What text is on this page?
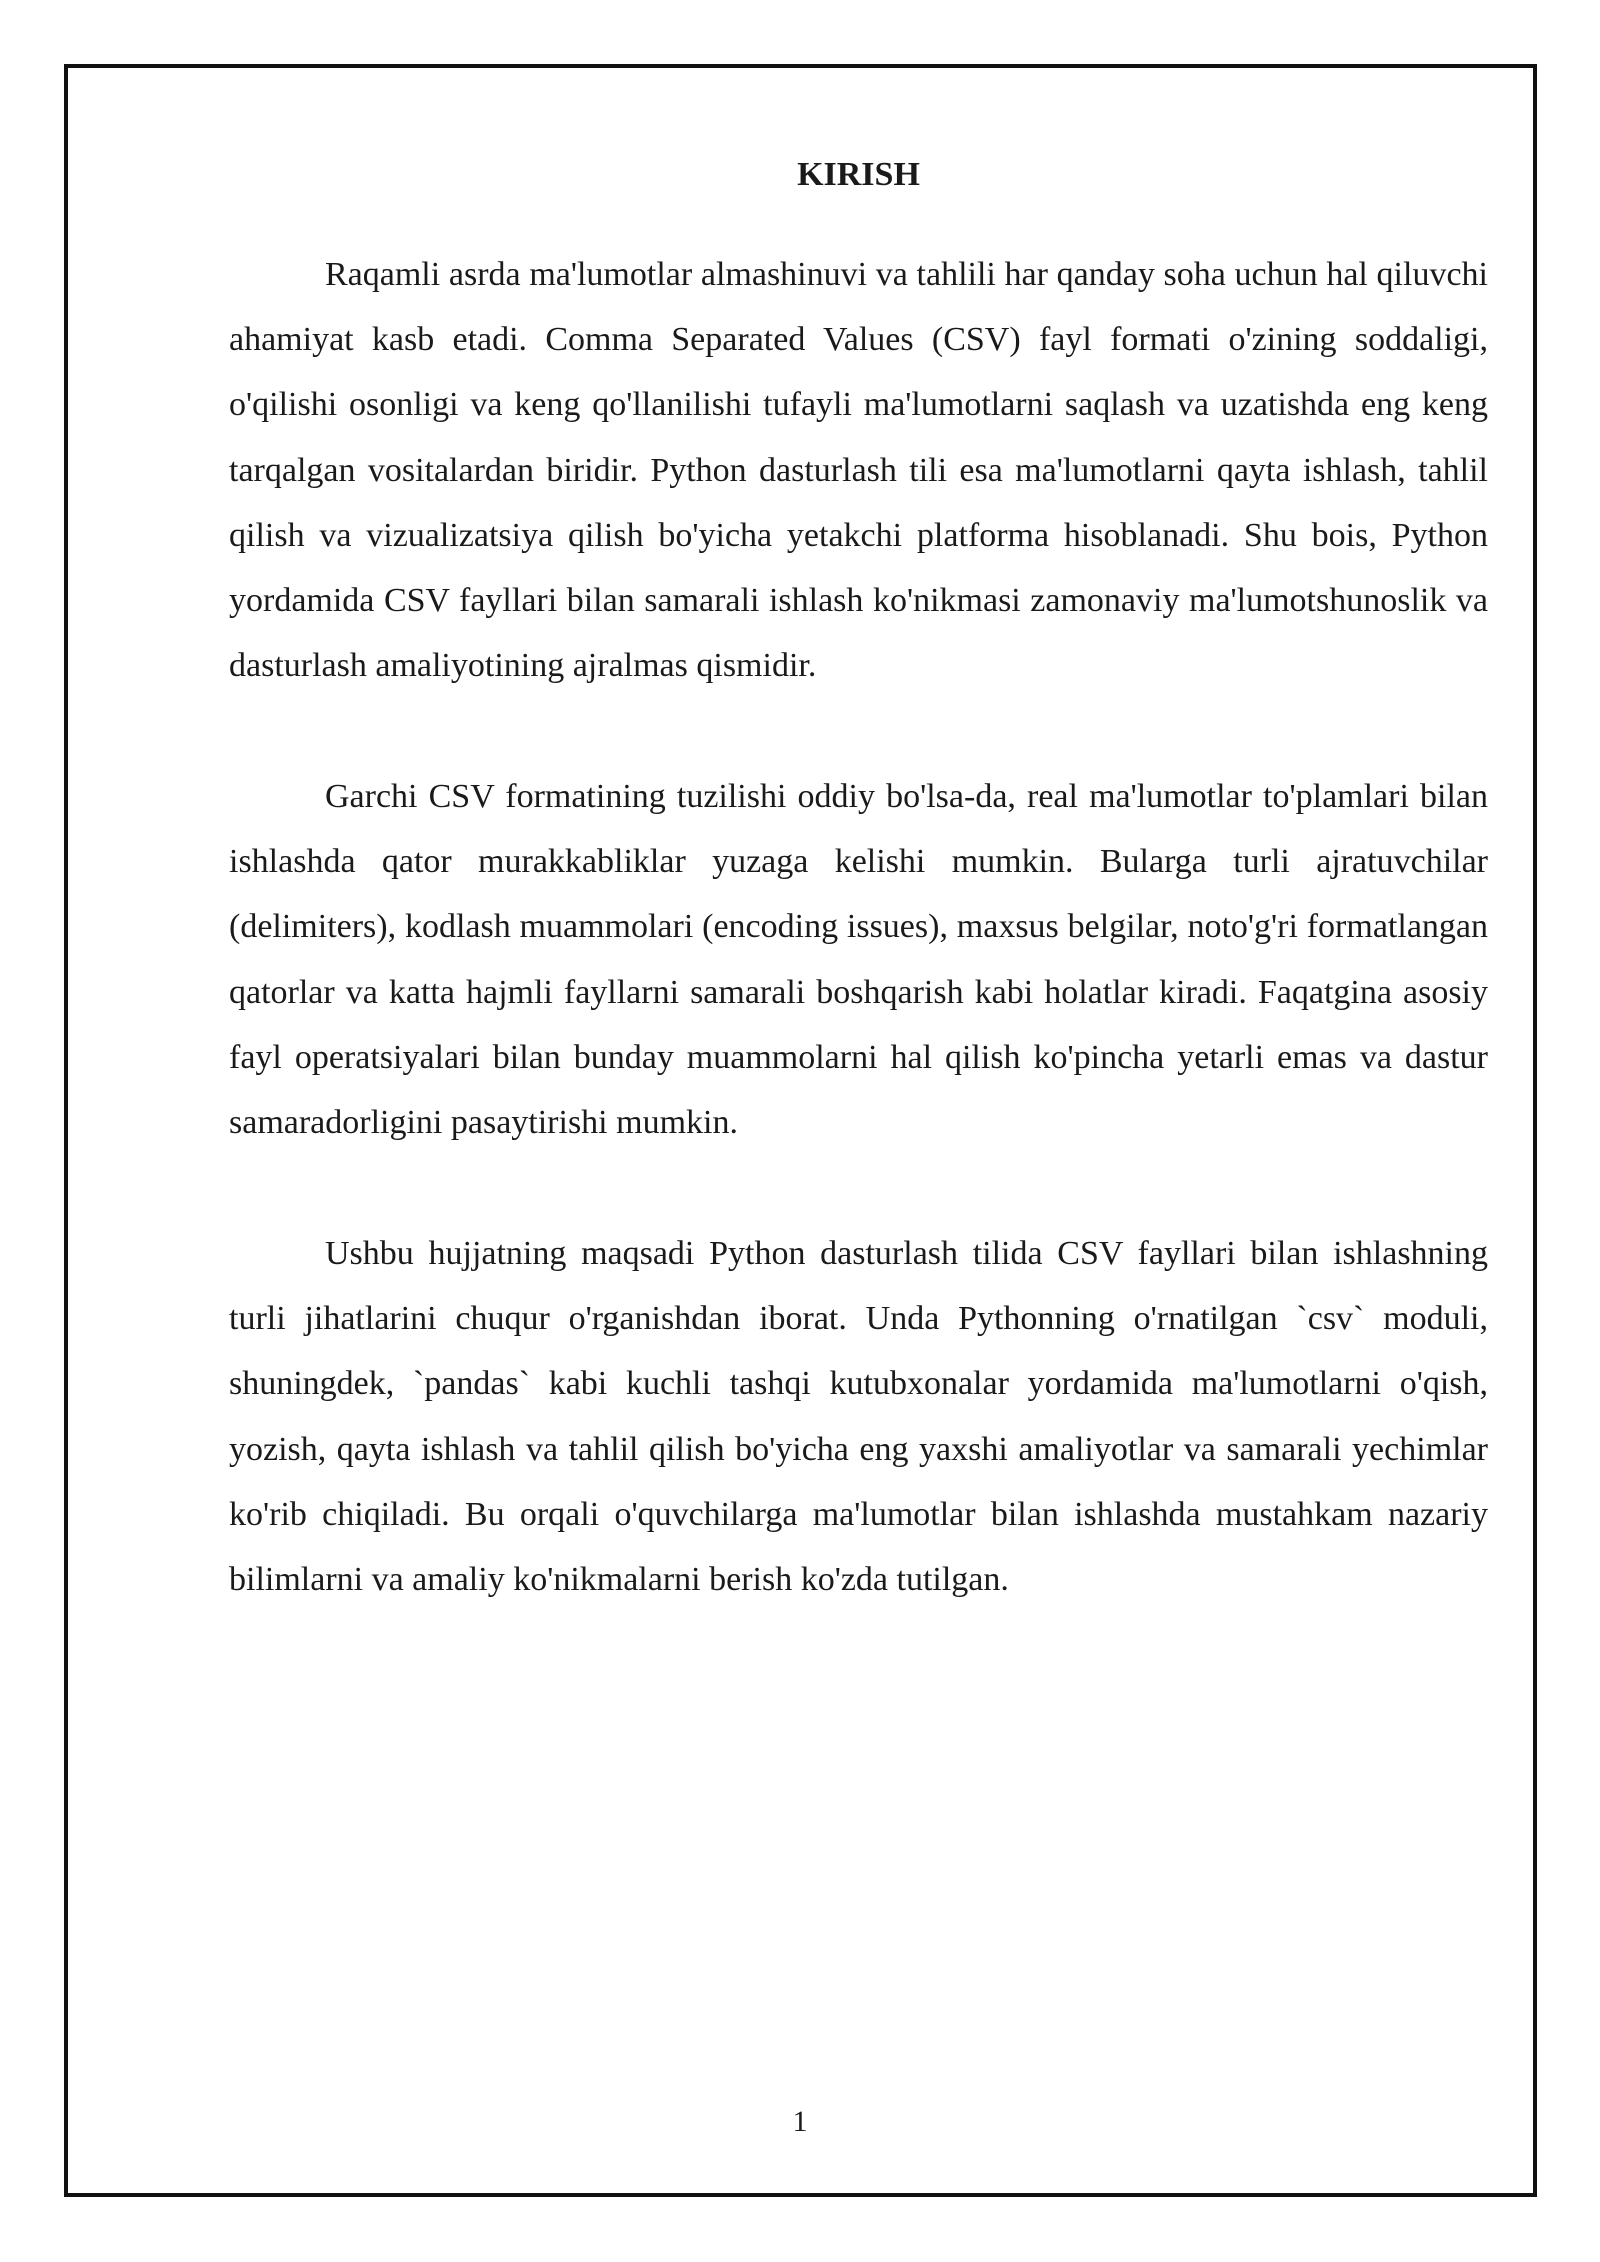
KIRISH

Raqamli asrda ma'lumotlar almashinuvi va tahlili har qanday soha uchun hal qiluvchi ahamiyat kasb etadi. Comma Separated Values (CSV) fayl formati o'zining soddaligi, o'qilishi osonligi va keng qo'llanilishi tufayli ma'lumotlarni saqlash va uzatishda eng keng tarqalgan vositalardan biridir. Python dasturlash tili esa ma'lumotlarni qayta ishlash, tahlil qilish va vizualizatsiya qilish bo'yicha yetakchi platforma hisoblanadi. Shu bois, Python yordamida CSV fayllari bilan samarali ishlash ko'nikmasi zamonaviy ma'lumotshunoslik va dasturlash amaliyotining ajralmas qismidir.

Garchi CSV formatining tuzilishi oddiy bo'lsa-da, real ma'lumotlar to'plamlari bilan ishlashda qator murakkabliklar yuzaga kelishi mumkin. Bularga turli ajratuvchilar (delimiters), kodlash muammolari (encoding issues), maxsus belgilar, noto'g'ri formatlangan qatorlar va katta hajmli fayllarni samarali boshqarish kabi holatlar kiradi. Faqatgina asosiy fayl operatsiyalari bilan bunday muammolarni hal qilish ko'pincha yetarli emas va dastur samaradorligini pasaytirishi mumkin.

Ushbu hujjatning maqsadi Python dasturlash tilida CSV fayllari bilan ishlashning turli jihatlarini chuqur o'rganishdan iborat. Unda Pythonning o'rnatilgan `csv` moduli, shuningdek, `pandas` kabi kuchli tashqi kutubxonalar yordamida ma'lumotlarni o'qish, yozish, qayta ishlash va tahlil qilish bo'yicha eng yaxshi amaliyotlar va samarali yechimlar ko'rib chiqiladi. Bu orqali o'quvchilarga ma'lumotlar bilan ishlashda mustahkam nazariy bilimlarni va amaliy ko'nikmalarni berish ko'zda tutilgan.

1
